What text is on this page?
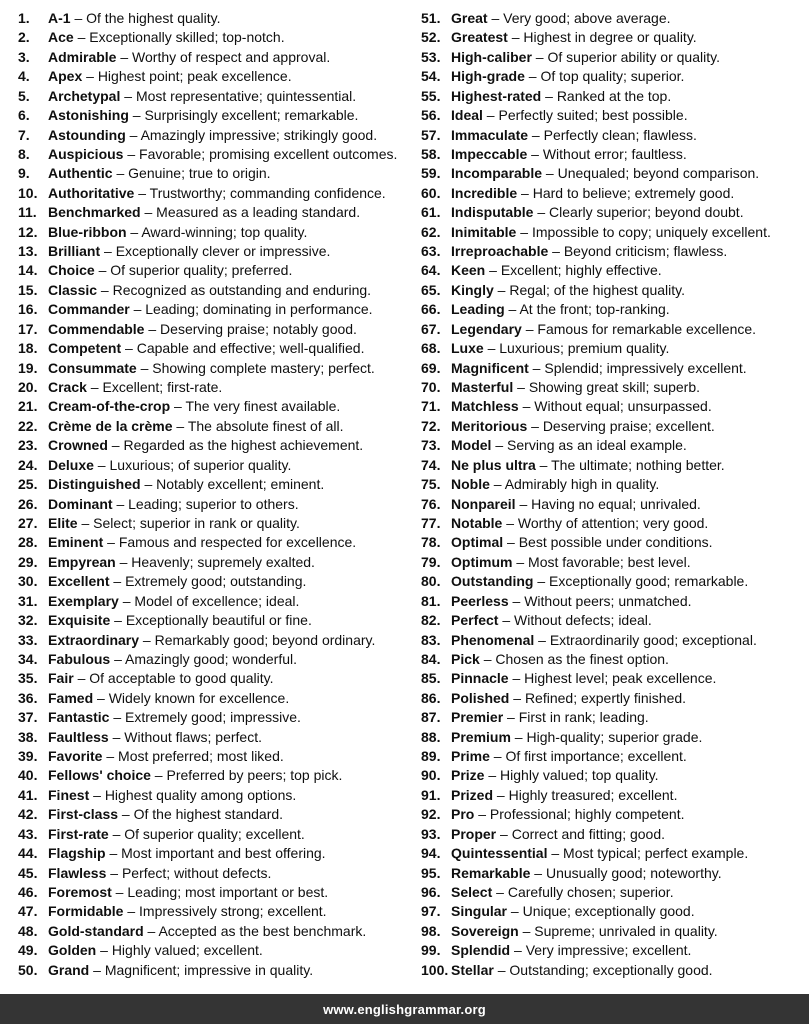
1.	A-1 – Of the highest quality.
2.	Ace – Exceptionally skilled; top-notch.
3.	Admirable – Worthy of respect and approval.
4.	Apex – Highest point; peak excellence.
5.	Archetypal – Most representative; quintessential.
6.	Astonishing – Surprisingly excellent; remarkable.
7.	Astounding – Amazingly impressive; strikingly good.
8.	Auspicious – Favorable; promising excellent outcomes.
9.	Authentic – Genuine; true to origin.
10. Authoritative – Trustworthy; commanding confidence.
11. Benchmarked – Measured as a leading standard.
12. Blue-ribbon – Award-winning; top quality.
13. Brilliant – Exceptionally clever or impressive.
14. Choice – Of superior quality; preferred.
15. Classic – Recognized as outstanding and enduring.
16. Commander – Leading; dominating in performance.
17. Commendable – Deserving praise; notably good.
18. Competent – Capable and effective; well-qualified.
19. Consummate – Showing complete mastery; perfect.
20. Crack – Excellent; first-rate.
21. Cream-of-the-crop – The very finest available.
22. Crème de la crème – The absolute finest of all.
23. Crowned – Regarded as the highest achievement.
24. Deluxe – Luxurious; of superior quality.
25. Distinguished – Notably excellent; eminent.
26. Dominant – Leading; superior to others.
27. Elite – Select; superior in rank or quality.
28. Eminent – Famous and respected for excellence.
29. Empyrean – Heavenly; supremely exalted.
30. Excellent – Extremely good; outstanding.
31. Exemplary – Model of excellence; ideal.
32. Exquisite – Exceptionally beautiful or fine.
33. Extraordinary – Remarkably good; beyond ordinary.
34. Fabulous – Amazingly good; wonderful.
35. Fair – Of acceptable to good quality.
36. Famed – Widely known for excellence.
37. Fantastic – Extremely good; impressive.
38. Faultless – Without flaws; perfect.
39. Favorite – Most preferred; most liked.
40. Fellows' choice – Preferred by peers; top pick.
41. Finest – Highest quality among options.
42. First-class – Of the highest standard.
43. First-rate – Of superior quality; excellent.
44. Flagship – Most important and best offering.
45. Flawless – Perfect; without defects.
46. Foremost – Leading; most important or best.
47. Formidable – Impressively strong; excellent.
48. Gold-standard – Accepted as the best benchmark.
49. Golden – Highly valued; excellent.
50. Grand – Magnificent; impressive in quality.
51. Great – Very good; above average.
52. Greatest – Highest in degree or quality.
53. High-caliber – Of superior ability or quality.
54. High-grade – Of top quality; superior.
55. Highest-rated – Ranked at the top.
56. Ideal – Perfectly suited; best possible.
57. Immaculate – Perfectly clean; flawless.
58. Impeccable – Without error; faultless.
59. Incomparable – Unequaled; beyond comparison.
60. Incredible – Hard to believe; extremely good.
61. Indisputable – Clearly superior; beyond doubt.
62. Inimitable – Impossible to copy; uniquely excellent.
63. Irreproachable – Beyond criticism; flawless.
64. Keen – Excellent; highly effective.
65. Kingly – Regal; of the highest quality.
66. Leading – At the front; top-ranking.
67. Legendary – Famous for remarkable excellence.
68. Luxe – Luxurious; premium quality.
69. Magnificent – Splendid; impressively excellent.
70. Masterful – Showing great skill; superb.
71. Matchless – Without equal; unsurpassed.
72. Meritorious – Deserving praise; excellent.
73. Model – Serving as an ideal example.
74. Ne plus ultra – The ultimate; nothing better.
75. Noble – Admirably high in quality.
76. Nonpareil – Having no equal; unrivaled.
77. Notable – Worthy of attention; very good.
78. Optimal – Best possible under conditions.
79. Optimum – Most favorable; best level.
80. Outstanding – Exceptionally good; remarkable.
81. Peerless – Without peers; unmatched.
82. Perfect – Without defects; ideal.
83. Phenomenal – Extraordinarily good; exceptional.
84. Pick – Chosen as the finest option.
85. Pinnacle – Highest level; peak excellence.
86. Polished – Refined; expertly finished.
87. Premier – First in rank; leading.
88. Premium – High-quality; superior grade.
89. Prime – Of first importance; excellent.
90. Prize – Highly valued; top quality.
91. Prized – Highly treasured; excellent.
92. Pro – Professional; highly competent.
93. Proper – Correct and fitting; good.
94. Quintessential – Most typical; perfect example.
95. Remarkable – Unusually good; noteworthy.
96. Select – Carefully chosen; superior.
97. Singular – Unique; exceptionally good.
98. Sovereign – Supreme; unrivaled in quality.
99. Splendid – Very impressive; excellent.
100. Stellar – Outstanding; exceptionally good.
www.englishgrammar.org
